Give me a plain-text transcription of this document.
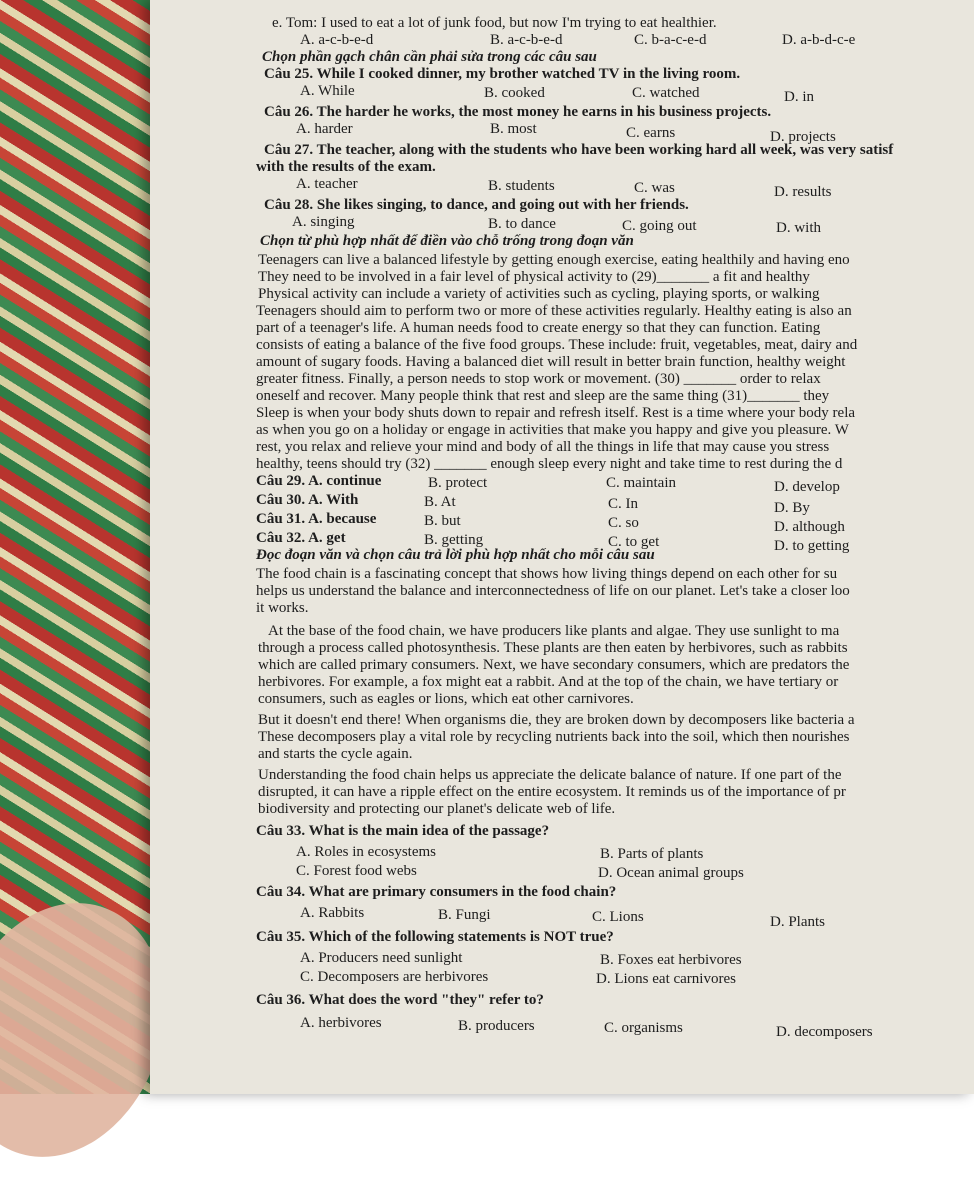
e. Tom: I used to eat a lot of junk food, but now I'm trying to eat healthier.
A. a-c-b-e-d	B. a-c-b-e-d	C. b-a-c-e-d	D. a-b-d-c-e
Chọn phần gạch chân cần phải sửa trong các câu sau
Câu 25. While I cooked dinner, my brother watched TV in the living room.
A. While	B. cooked	C. watched	D. in
Câu 26. The harder he works, the most money he earns in his business projects.
A. harder	B. most	C. earns	D. projects
Câu 27. The teacher, along with the students who have been working hard all week, was very satisf
with the results of the exam.
A. teacher	B. students	C. was	D. results
Câu 28. She likes singing, to dance, and going out with her friends.
A. singing	B. to dance	C. going out	D. with
Chọn từ phù hợp nhất để điền vào chỗ trống trong đoạn văn
Teenagers can live a balanced lifestyle by getting enough exercise, eating healthily and having eno
They need to be involved in a fair level of physical activity to (29)_______ a fit and healthy
Physical activity can include a variety of activities such as cycling, playing sports, or walking
Teenagers should aim to perform two or more of these activities regularly. Healthy eating is also an
part of a teenager's life. A human needs food to create energy so that they can function. Eating
consists of eating a balance of the five food groups. These include: fruit, vegetables, meat, dairy and
amount of sugary foods. Having a balanced diet will result in better brain function, healthy weight
greater fitness. Finally, a person needs to stop work or movement. (30) _______ order to relax
oneself and recover. Many people think that rest and sleep are the same thing (31)_______ they
Sleep is when your body shuts down to repair and refresh itself. Rest is a time where your body rela
as when you go on a holiday or engage in activities that make you happy and give you pleasure. W
rest, you relax and relieve your mind and body of all the things in life that may cause you stress
healthy, teens should try (32) _______ enough sleep every night and take time to rest during the d
Câu 29. A. continue	B. protect	C. maintain	D. develop
Câu 30. A. With	B. At	C. In	D. By
Câu 31. A. because	B. but	C. so	D. although
Câu 32. A. get	B. getting	C. to get	D. to getting
Đọc đoạn văn và chọn câu trả lời phù hợp nhất cho mỗi câu sau
The food chain is a fascinating concept that shows how living things depend on each other for su
helps us understand the balance and interconnectedness of life on our planet. Let's take a closer loo
it works.
At the base of the food chain, we have producers like plants and algae. They use sunlight to ma
through a process called photosynthesis. These plants are then eaten by herbivores, such as rabbits
which are called primary consumers. Next, we have secondary consumers, which are predators the
herbivores. For example, a fox might eat a rabbit. And at the top of the chain, we have tertiary or
consumers, such as eagles or lions, which eat other carnivores.
But it doesn't end there! When organisms die, they are broken down by decomposers like bacteria a
These decomposers play a vital role by recycling nutrients back into the soil, which then nourishes
and starts the cycle again.
Understanding the food chain helps us appreciate the delicate balance of nature. If one part of the
disrupted, it can have a ripple effect on the entire ecosystem. It reminds us of the importance of pr
biodiversity and protecting our planet's delicate web of life.
Câu 33. What is the main idea of the passage?
A. Roles in ecosystems	B. Parts of plants
C. Forest food webs	D. Ocean animal groups
Câu 34. What are primary consumers in the food chain?
A. Rabbits	B. Fungi	C. Lions	D. Plants
Câu 35. Which of the following statements is NOT true?
A. Producers need sunlight	B. Foxes eat herbivores
C. Decomposers are herbivores	D. Lions eat carnivores
Câu 36. What does the word "they" refer to?
A. herbivores	B. producers	C. organisms	D. decomposers
